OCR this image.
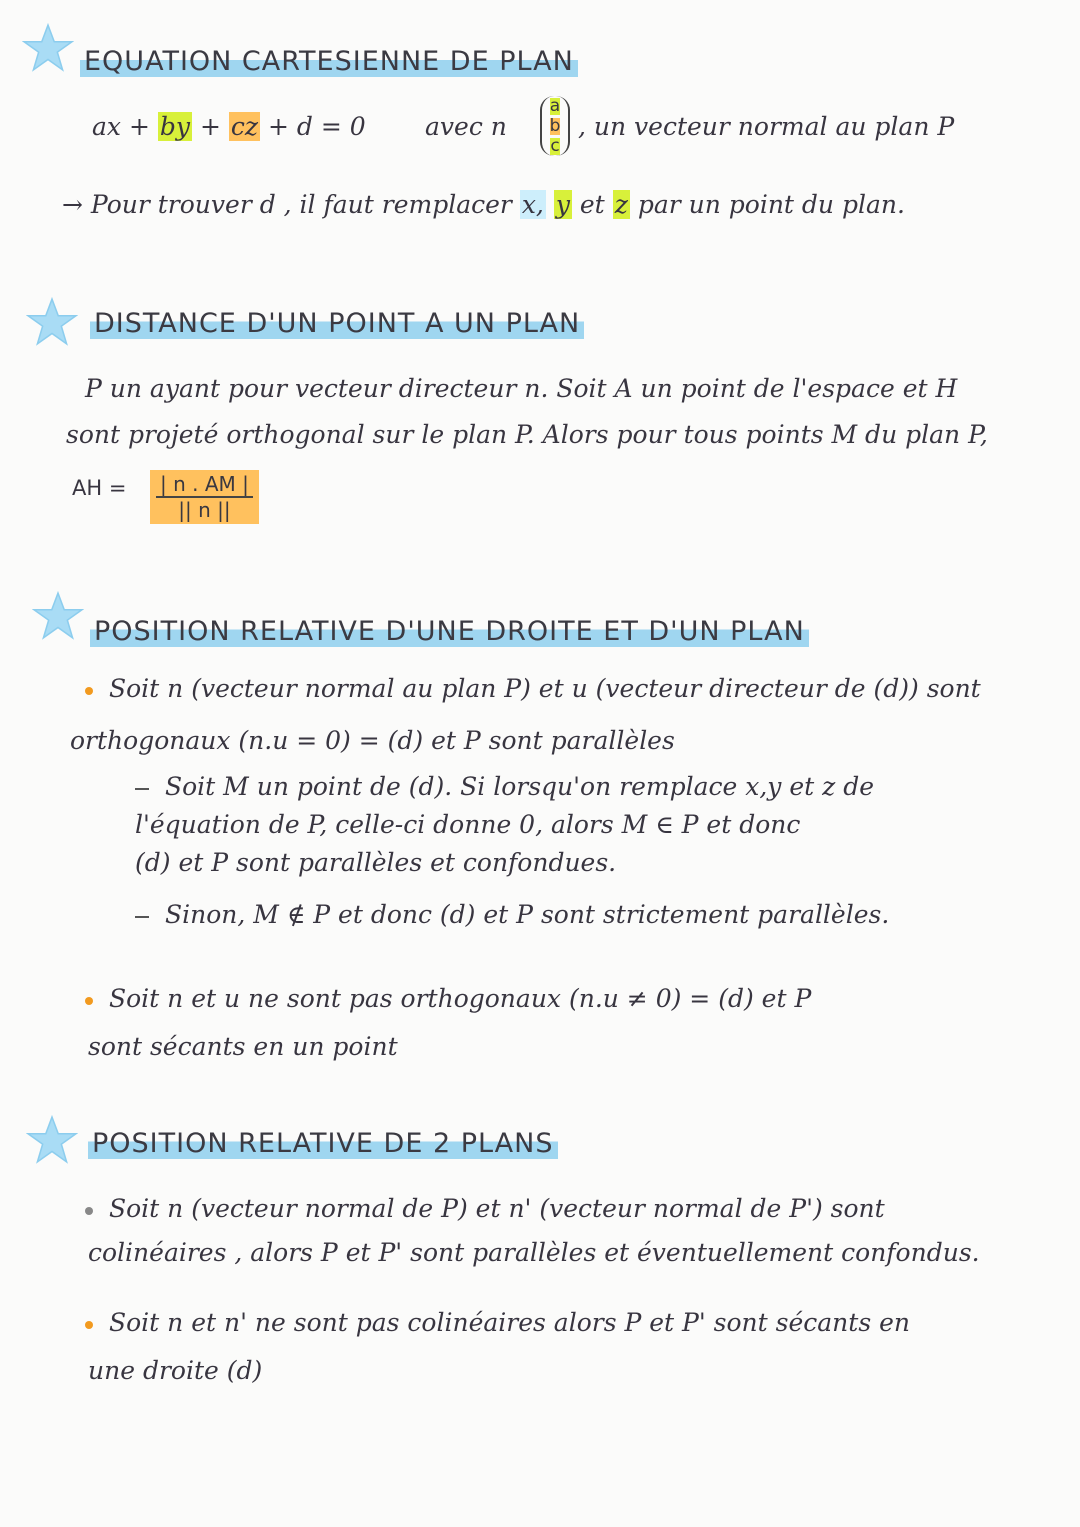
EQUATION CARTESIENNE DE PLAN
ax + by + cz + d = 0 avec n
a
b
c
, un vecteur normal au plan P
→ Pour trouver d , il faut remplacer x, y et z par un point du plan.
DISTANCE D'UN POINT A UN PLAN
P un ayant pour vecteur directeur n. Soit A un point de l'espace et H
sont projeté orthogonal sur le plan P. Alors pour tous points M du plan P,
AH = $\frac{| n . AM |}{|| n ||}$
POSITION RELATIVE D'UNE DROITE ET D'UN PLAN
Soit n (vecteur normal au plan P) et u (vecteur directeur de (d)) sont
orthogonaux (n.u = 0) = (d) et P sont parallèles
Soit M un point de (d). Si lorsqu'on remplace x,y et z de
l'équation de P, celle-ci donne 0, alors M ∈ P et donc
(d) et P sont parallèles et confondues.
Sinon, M ∉ P et donc (d) et P sont strictement parallèles.
Soit n et u ne sont pas orthogonaux (n.u ≠ 0) = (d) et P
sont sécants en un point
POSITION RELATIVE DE 2 PLANS
Soit n (vecteur normal de P) et n' (vecteur normal de P') sont
colinéaires , alors P et P' sont parallèles et éventuellement confondus.
Soit n et n' ne sont pas colinéaires alors P et P' sont sécants en
une droite (d)
